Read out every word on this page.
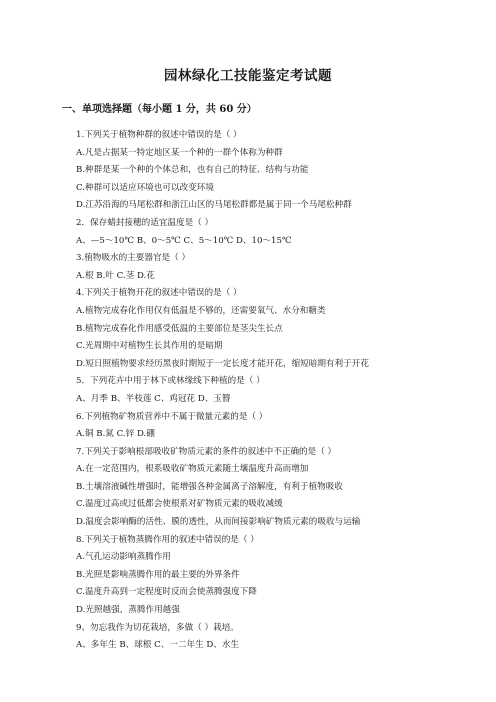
园林绿化工技能鉴定考试题
一、单项选择题（每小题 1 分，共 60 分）
1.下列关于植物种群的叙述中错误的是（ ）
A.凡是占据某一特定地区某一个种的一群个体称为种群
B.种群是某一个种的个体总和，也有自己的特征、结构与功能
C.种群可以适应环境也可以改变环境
D.江苏沿海的马尾松群和浙江山区的马尾松群都是属于同一个马尾松种群
2．保存蜡封接穗的适宜温度是（ ）
A、—5～10℃ B、0～5℃ C、5～10℃ D、10～15℃
3.植物吸水的主要器官是（ ）
A.根 B.叶 C.茎 D.花
4.下列关于植物开花的叙述中错误的是（ ）
A.植物完成春化作用仅有低温是不够的，还需要氧气、水分和糖类
B.植物完成春化作用感受低温的主要部位是茎尖生长点
C.光周期中对植物生长其作用的是暗期
D.短日照植物要求经历黑夜时期短于一定长度才能开花，缩短暗期有利于开花
5．下列花卉中用于林下或林缘线下种植的是（ ）
A、月季 B、半枝莲 C、鸡冠花 D、玉簪
6.下列植物矿物质营养中不属于微量元素的是（ ）
A.铜 B.氮 C.锌 D.硼
7.下列关于影响根部吸收矿物质元素的条件的叙述中不正确的是（ ）
A.在一定范围内，根系吸收矿物质元素随土壤温度升高而增加
B.土壤溶液碱性增强时，能增强各种金属离子溶解度，有利于植物吸收
C.温度过高或过低都会使根系对矿物质元素的吸收减缓
D.温度会影响酶的活性、膜的透性，从而间接影响矿物质元素的吸收与运输
8.下列关于植物蒸腾作用的叙述中错误的是（ ）
A.气孔运动影响蒸腾作用
B.光照是影响蒸腾作用的最主要的外界条件
C.温度升高到一定程度时反而会使蒸腾强度下降
D.光照越强，蒸腾作用越强
9、勿忘我作为切花栽培，多做（ ）栽培。
A、多年生 B、球根 C、一二年生 D、水生
